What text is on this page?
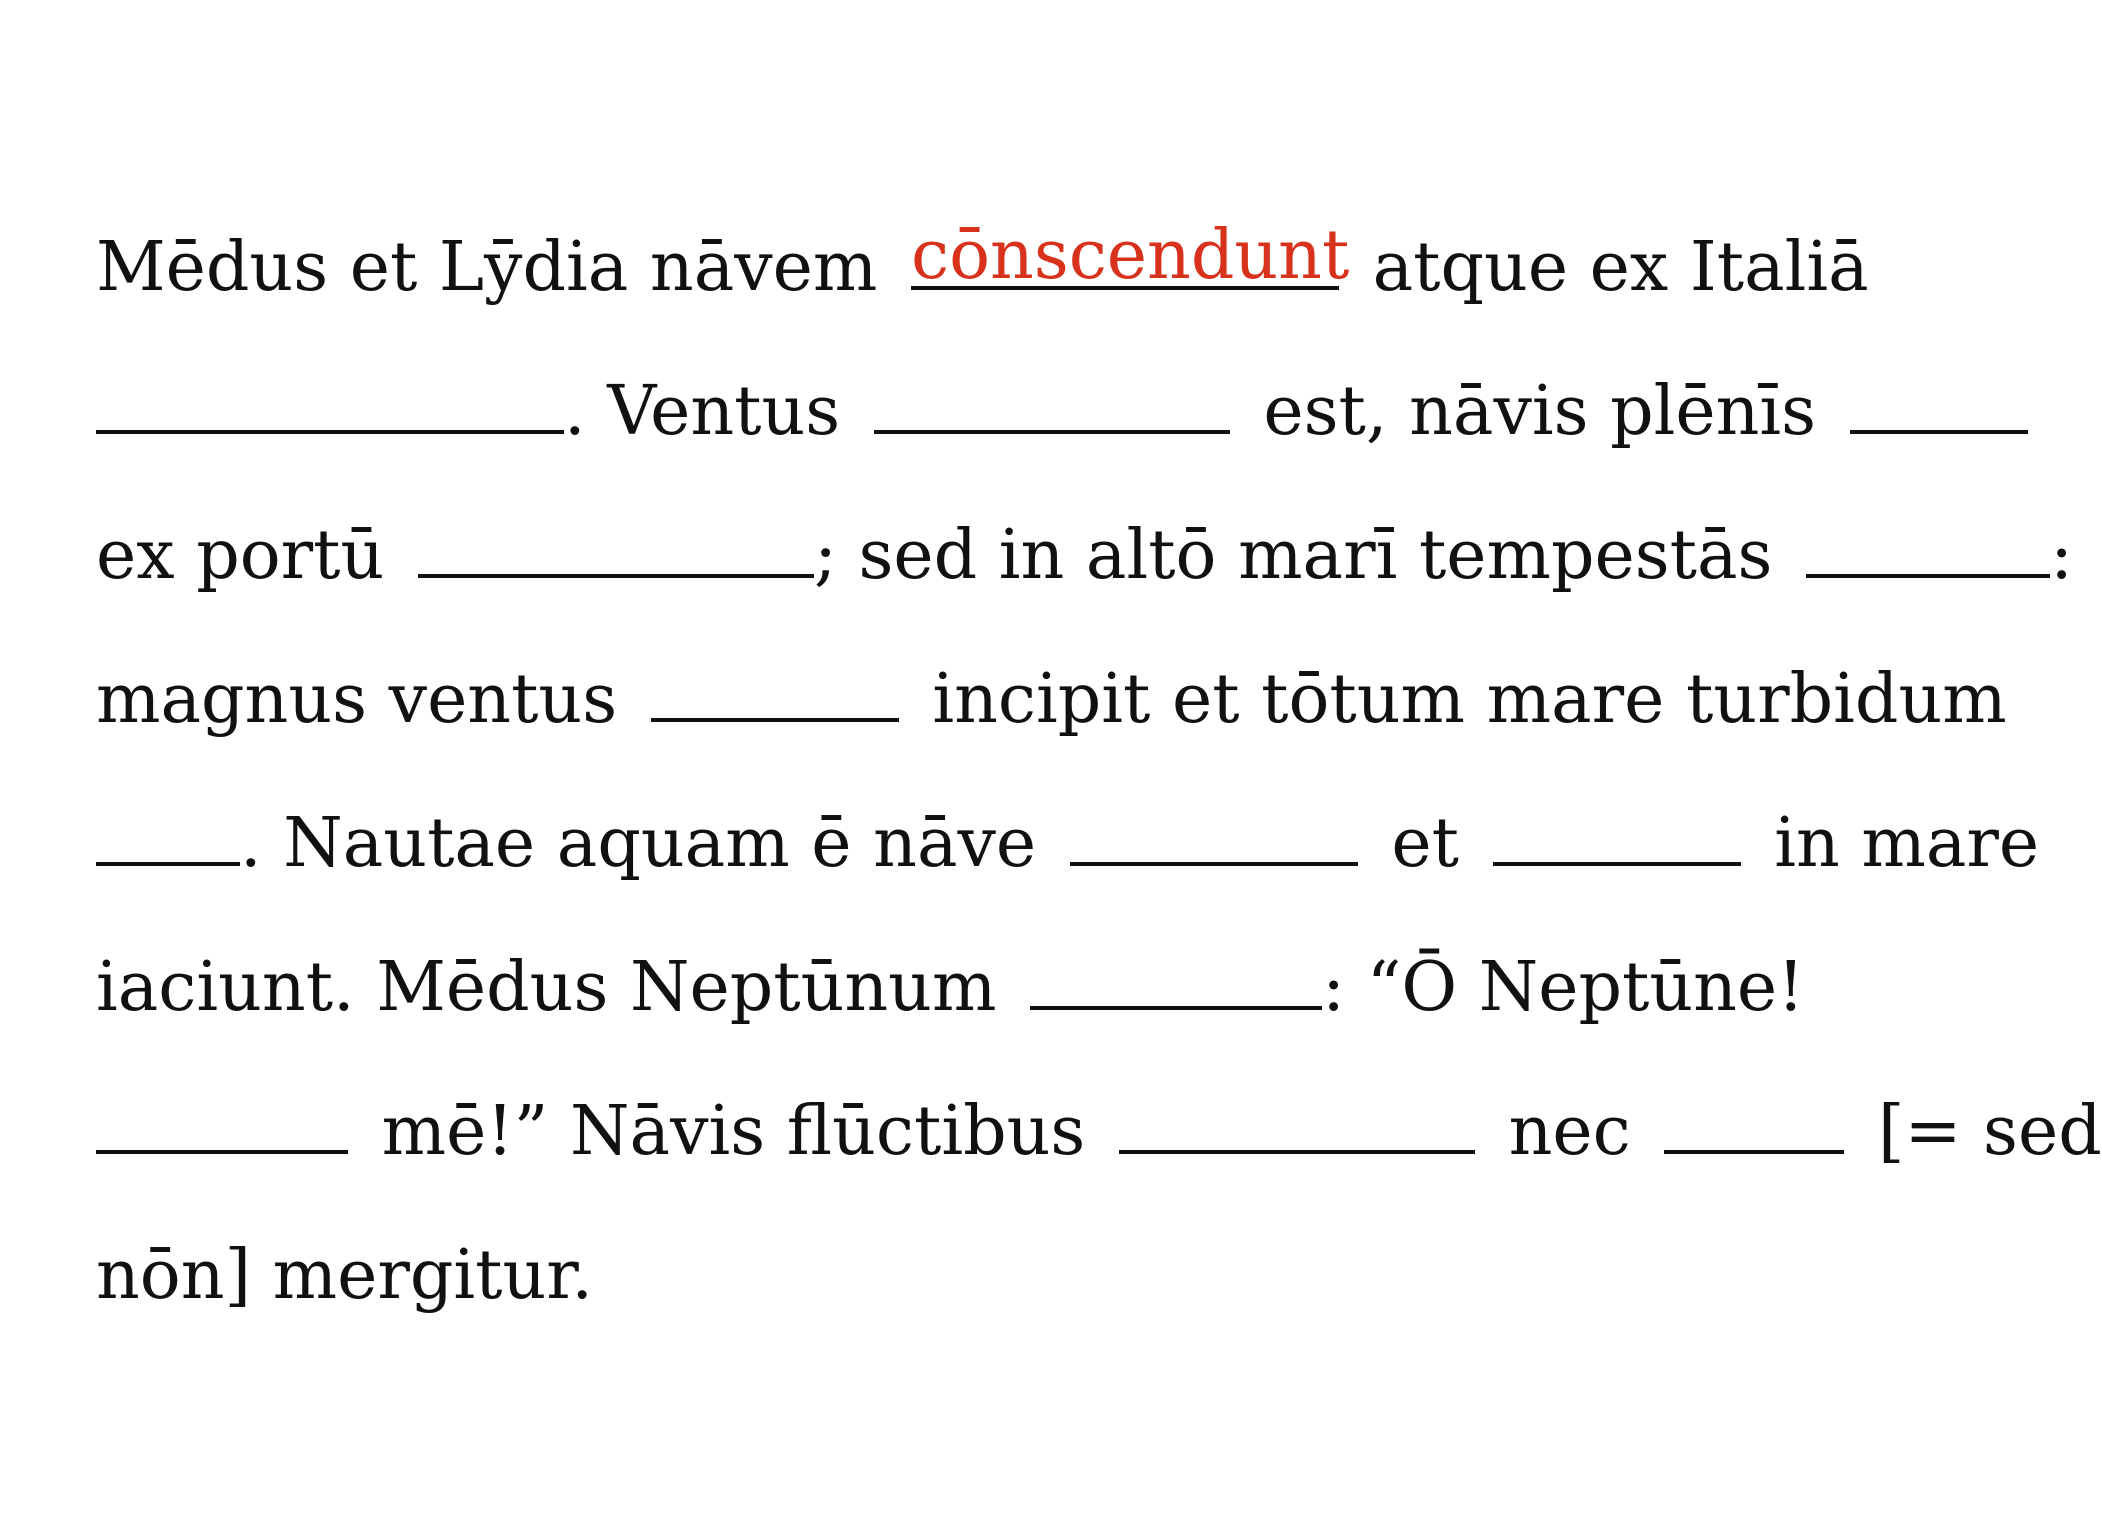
Mēdus et Lȳdia nāvem cōnscendunt atque ex Italiā
. Ventus	est, nāvis plēnīs
ex portū	; sed in altō marī tempestās	:
magnus ventus	incipit et tōtum mare turbidum
. Nautae aquam ē nāve	et	in mare
iaciunt. Mēdus Neptūnum	: “Ō Neptūne!
mē!” Nāvis flūctibus	nec	[= sed
nōn] mergitur.
